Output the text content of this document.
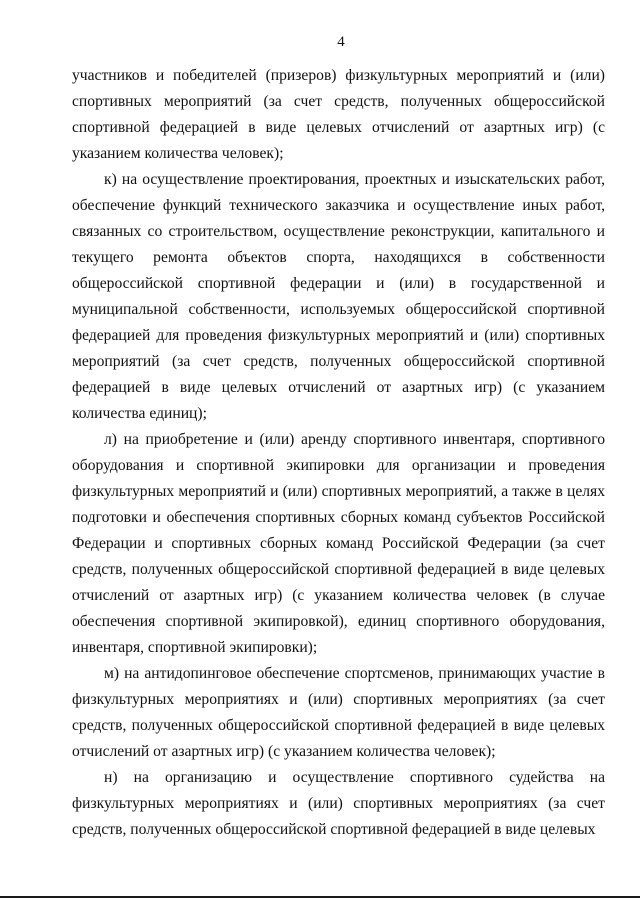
4

участников и победителей (призеров) физкультурных мероприятий и (или) спортивных мероприятий (за счет средств, полученных общероссийской спортивной федерацией в виде целевых отчислений от азартных игр) (с указанием количества человек);

к) на осуществление проектирования, проектных и изыскательских работ, обеспечение функций технического заказчика и осуществление иных работ, связанных со строительством, осуществление реконструкции, капитального и текущего ремонта объектов спорта, находящихся в собственности общероссийской спортивной федерации и (или) в государственной и муниципальной собственности, используемых общероссийской спортивной федерацией для проведения физкультурных мероприятий и (или) спортивных мероприятий (за счет средств, полученных общероссийской спортивной федерацией в виде целевых отчислений от азартных игр) (с указанием количества единиц);

л) на приобретение и (или) аренду спортивного инвентаря, спортивного оборудования и спортивной экипировки для организации и проведения физкультурных мероприятий и (или) спортивных мероприятий, а также в целях подготовки и обеспечения спортивных сборных команд субъектов Российской Федерации и спортивных сборных команд Российской Федерации (за счет средств, полученных общероссийской спортивной федерацией в виде целевых отчислений от азартных игр) (с указанием количества человек (в случае обеспечения спортивной экипировкой), единиц спортивного оборудования, инвентаря, спортивной экипировки);

м) на антидопинговое обеспечение спортсменов, принимающих участие в физкультурных мероприятиях и (или) спортивных мероприятиях (за счет средств, полученных общероссийской спортивной федерацией в виде целевых отчислений от азартных игр) (с указанием количества человек);

н) на организацию и осуществление спортивного судейства на физкультурных мероприятиях и (или) спортивных мероприятиях (за счет средств, полученных общероссийской спортивной федерацией в виде целевых
